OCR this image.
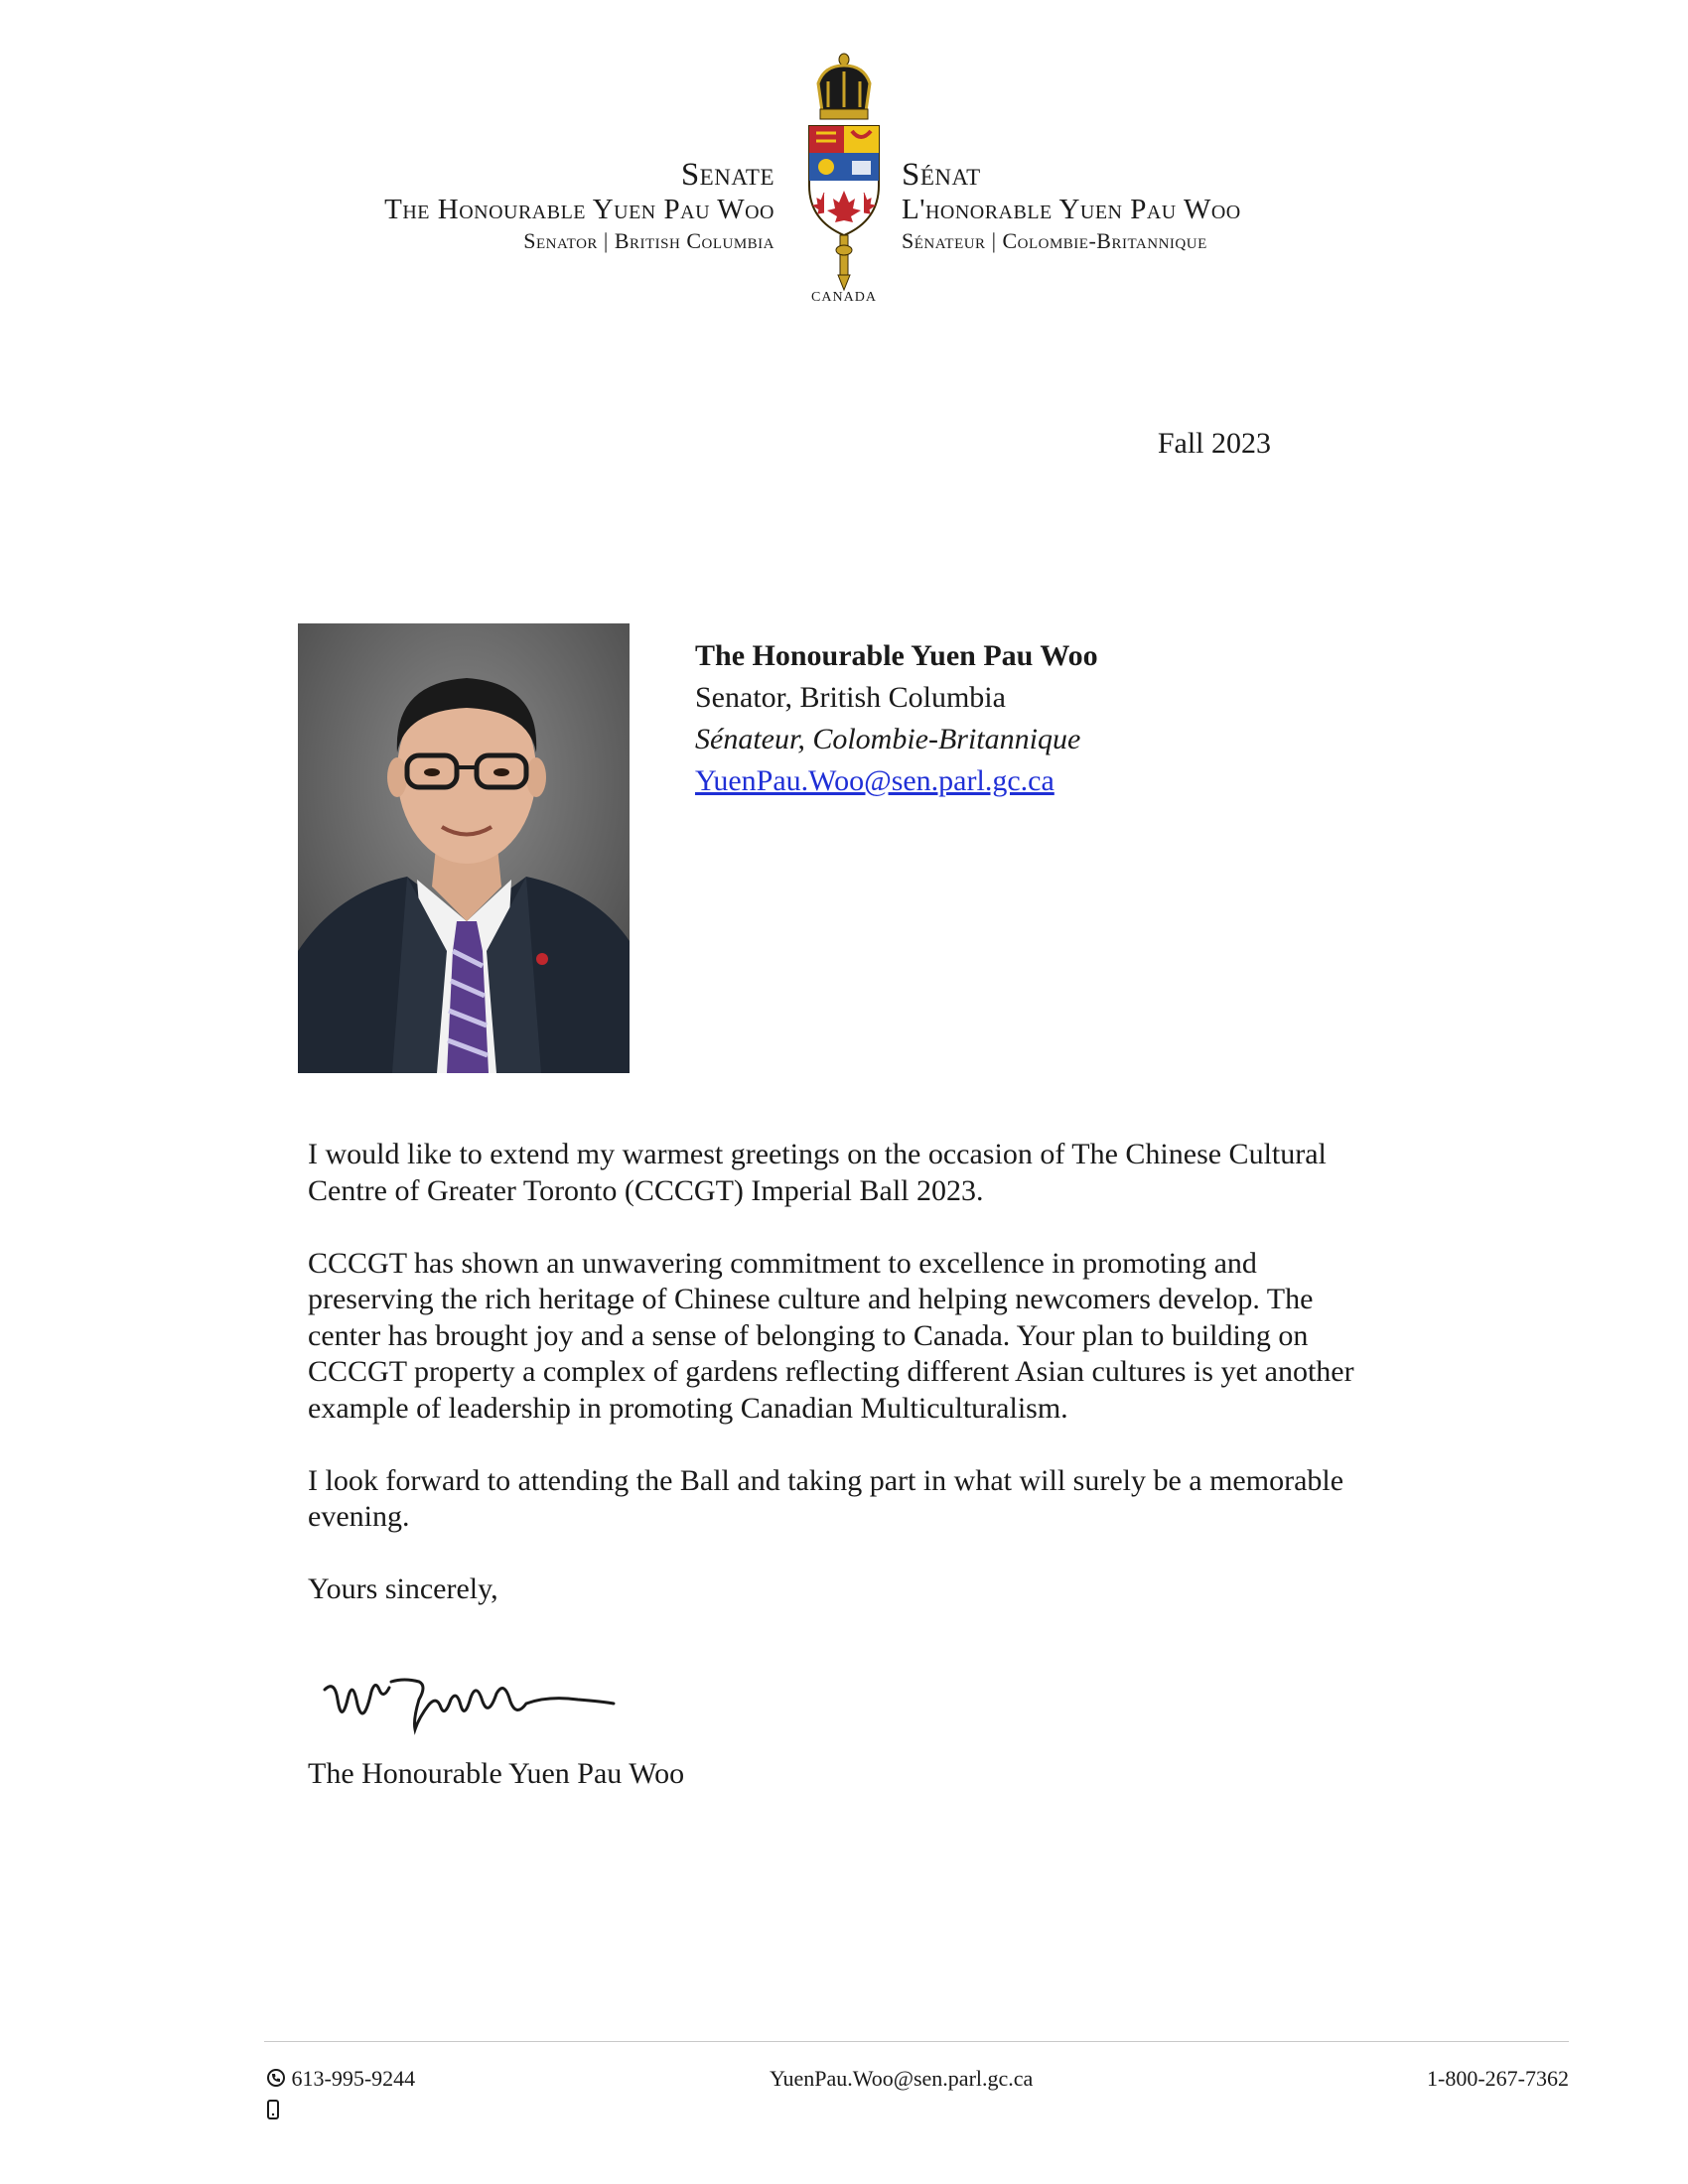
Senate
The Honourable Yuen Pau Woo
Senator | British Columbia
CANADA
Sénat
L'honorable Yuen Pau Woo
Sénateur | Colombie-Britannique
Fall 2023
The Honourable Yuen Pau Woo
Senator, British Columbia
Sénateur, Colombie-Britannique
YuenPau.Woo@sen.parl.gc.ca

I would like to extend my warmest greetings on the occasion of The Chinese Cultural Centre of Greater Toronto (CCCGT) Imperial Ball 2023.

CCCGT has shown an unwavering commitment to excellence in promoting and preserving the rich heritage of Chinese culture and helping newcomers develop. The center has brought joy and a sense of belonging to Canada. Your plan to building on CCCGT property a complex of gardens reflecting different Asian cultures is yet another example of leadership in promoting Canadian Multiculturalism.

I look forward to attending the Ball and taking part in what will surely be a memorable evening.

Yours sincerely,

The Honourable Yuen Pau Woo
613-995-9244	YuenPau.Woo@sen.parl.gc.ca	1-800-267-7362
